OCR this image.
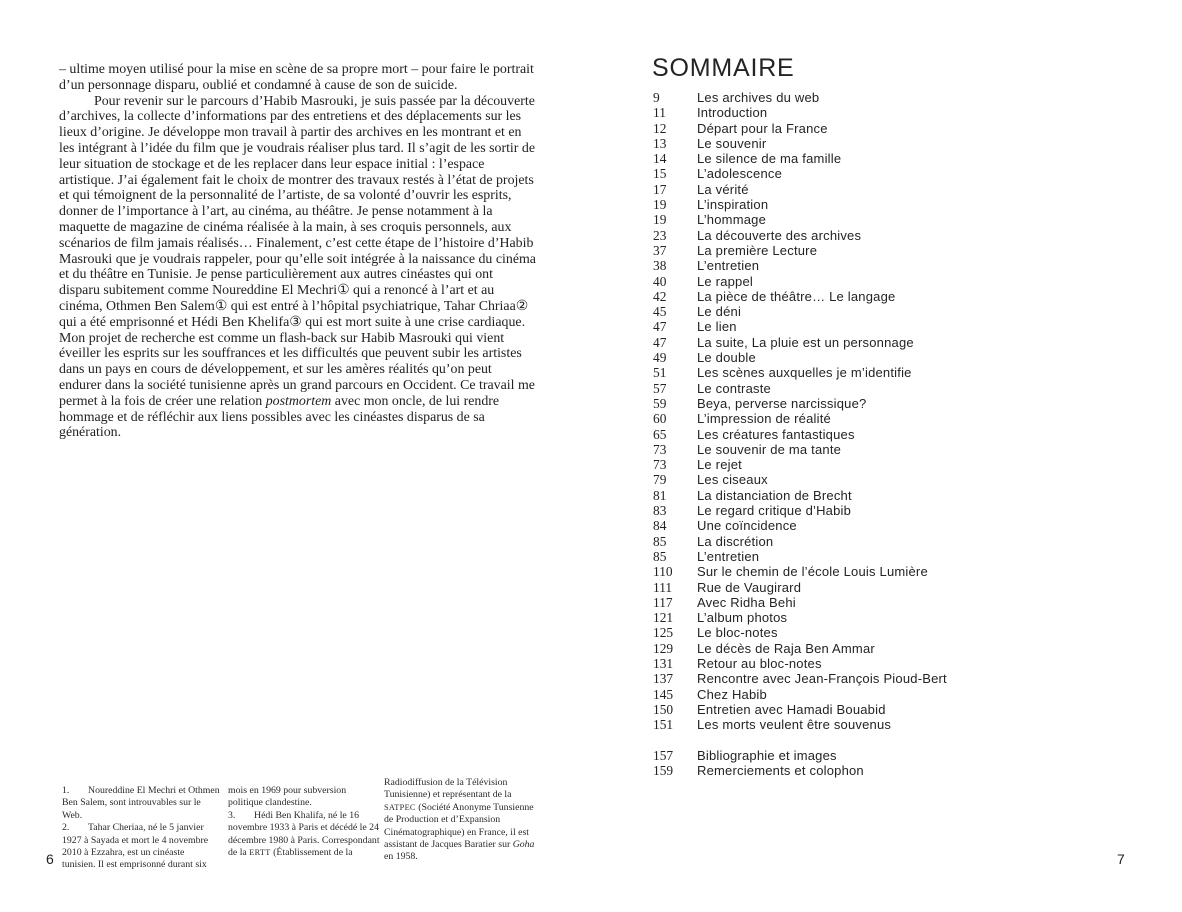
– ultime moyen utilisé pour la mise en scène de sa propre mort – pour faire le portrait d’un personnage disparu, oublié et condamné à cause de son de suicide.

Pour revenir sur le parcours d’Habib Masrouki, je suis passée par la découverte d’archives, la collecte d’informations par des entretiens et des déplacements sur les lieux d’origine. Je développe mon travail à partir des archives en les montrant et en les intégrant à l’idée du film que je voudrais réaliser plus tard. Il s’agit de les sortir de leur situation de stockage et de les replacer dans leur espace initial : l’espace artistique. J’ai également fait le choix de montrer des travaux restés à l’état de projets et qui témoignent de la personnalité de l’artiste, de sa volonté d’ouvrir les esprits, donner de l’importance à l’art, au cinéma, au théâtre. Je pense notamment à la maquette de magazine de cinéma réalisée à la main, à ses croquis personnels, aux scénarios de film jamais réalisés… Finalement, c’est cette étape de l’histoire d’Habib Masrouki que je voudrais rappeler, pour qu’elle soit intégrée à la naissance du cinéma et du théâtre en Tunisie. Je pense particulièrement aux autres cinéastes qui ont disparu subitement comme Noureddine El Mechri① qui a renoncé à l’art et au cinéma, Othmen Ben Salem① qui est entré à l’hôpital psychiatrique, Tahar Chriaa② qui a été emprisonné et Hédi Ben Khelifa③ qui est mort suite à une crise cardiaque. Mon projet de recherche est comme un flash-back sur Habib Masrouki qui vient éveiller les esprits sur les souffrances et les difficultés que peuvent subir les artistes dans un pays en cours de développement, et sur les amères réalités qu’on peut endurer dans la société tunisienne après un grand parcours en Occident. Ce travail me permet à la fois de créer une relation postmortem avec mon oncle, de lui rendre hommage et de réfléchir aux liens possibles avec les cinéastes disparus de sa génération.

1. Noureddine El Mechri et Othmen Ben Salem, sont introuvables sur le Web.
2. Tahar Cheriaa, né le 5 janvier 1927 à Sayada et mort le 4 novembre 2010 à Ezzahra, est un cinéaste tunisien. Il est emprisonné durant six
mois en 1969 pour subversion politique clandestine.
3. Hédi Ben Khalifa, né le 16 novembre 1933 à Paris et décédé le 24 décembre 1980 à Paris. Correspondant de la ERTT (Établissement de la
Radiodiffusion de la Télévision Tunisienne) et représentant de la SATPEC (Société Anonyme Tunsienne de Production et d’Expansion Cinématographique) en France, il est assistant de Jacques Baratier sur Goha en 1958.
6
SOMMAIRE
9	Les archives du web
11 Introduction
12 Départ pour la France
13 Le souvenir
14 Le silence de ma famille
15 L’adolescence
17 La vérité
19 L’inspiration
19 L’hommage
23 La découverte des archives
37 La première Lecture
38 L’entretien
40 Le rappel
42 La pièce de théâtre… Le langage
45 Le déni
47 Le lien
47 La suite, La pluie est un personnage
49 Le double
51 Les scènes auxquelles je m’identifie
57 Le contraste
59 Beya, perverse narcissique?
60 L’impression de réalité
65 Les créatures fantastiques
73 Le souvenir de ma tante
73 Le rejet
79 Les ciseaux
81 La distanciation de Brecht
83 Le regard critique d’Habib
84 Une coïncidence
85 La discrétion
85 L’entretien
110 Sur le chemin de l’école Louis Lumière
111 Rue de Vaugirard
117 Avec Ridha Behi
121 L’album photos
125 Le bloc-notes
129 Le décès de Raja Ben Ammar
131 Retour au bloc-notes
137 Rencontre avec Jean-François Pioud-Bert
145 Chez Habib
150 Entretien avec Hamadi Bouabid
151 Les morts veulent être souvenus
157 Bibliographie et images
159 Remerciements et colophon
7
